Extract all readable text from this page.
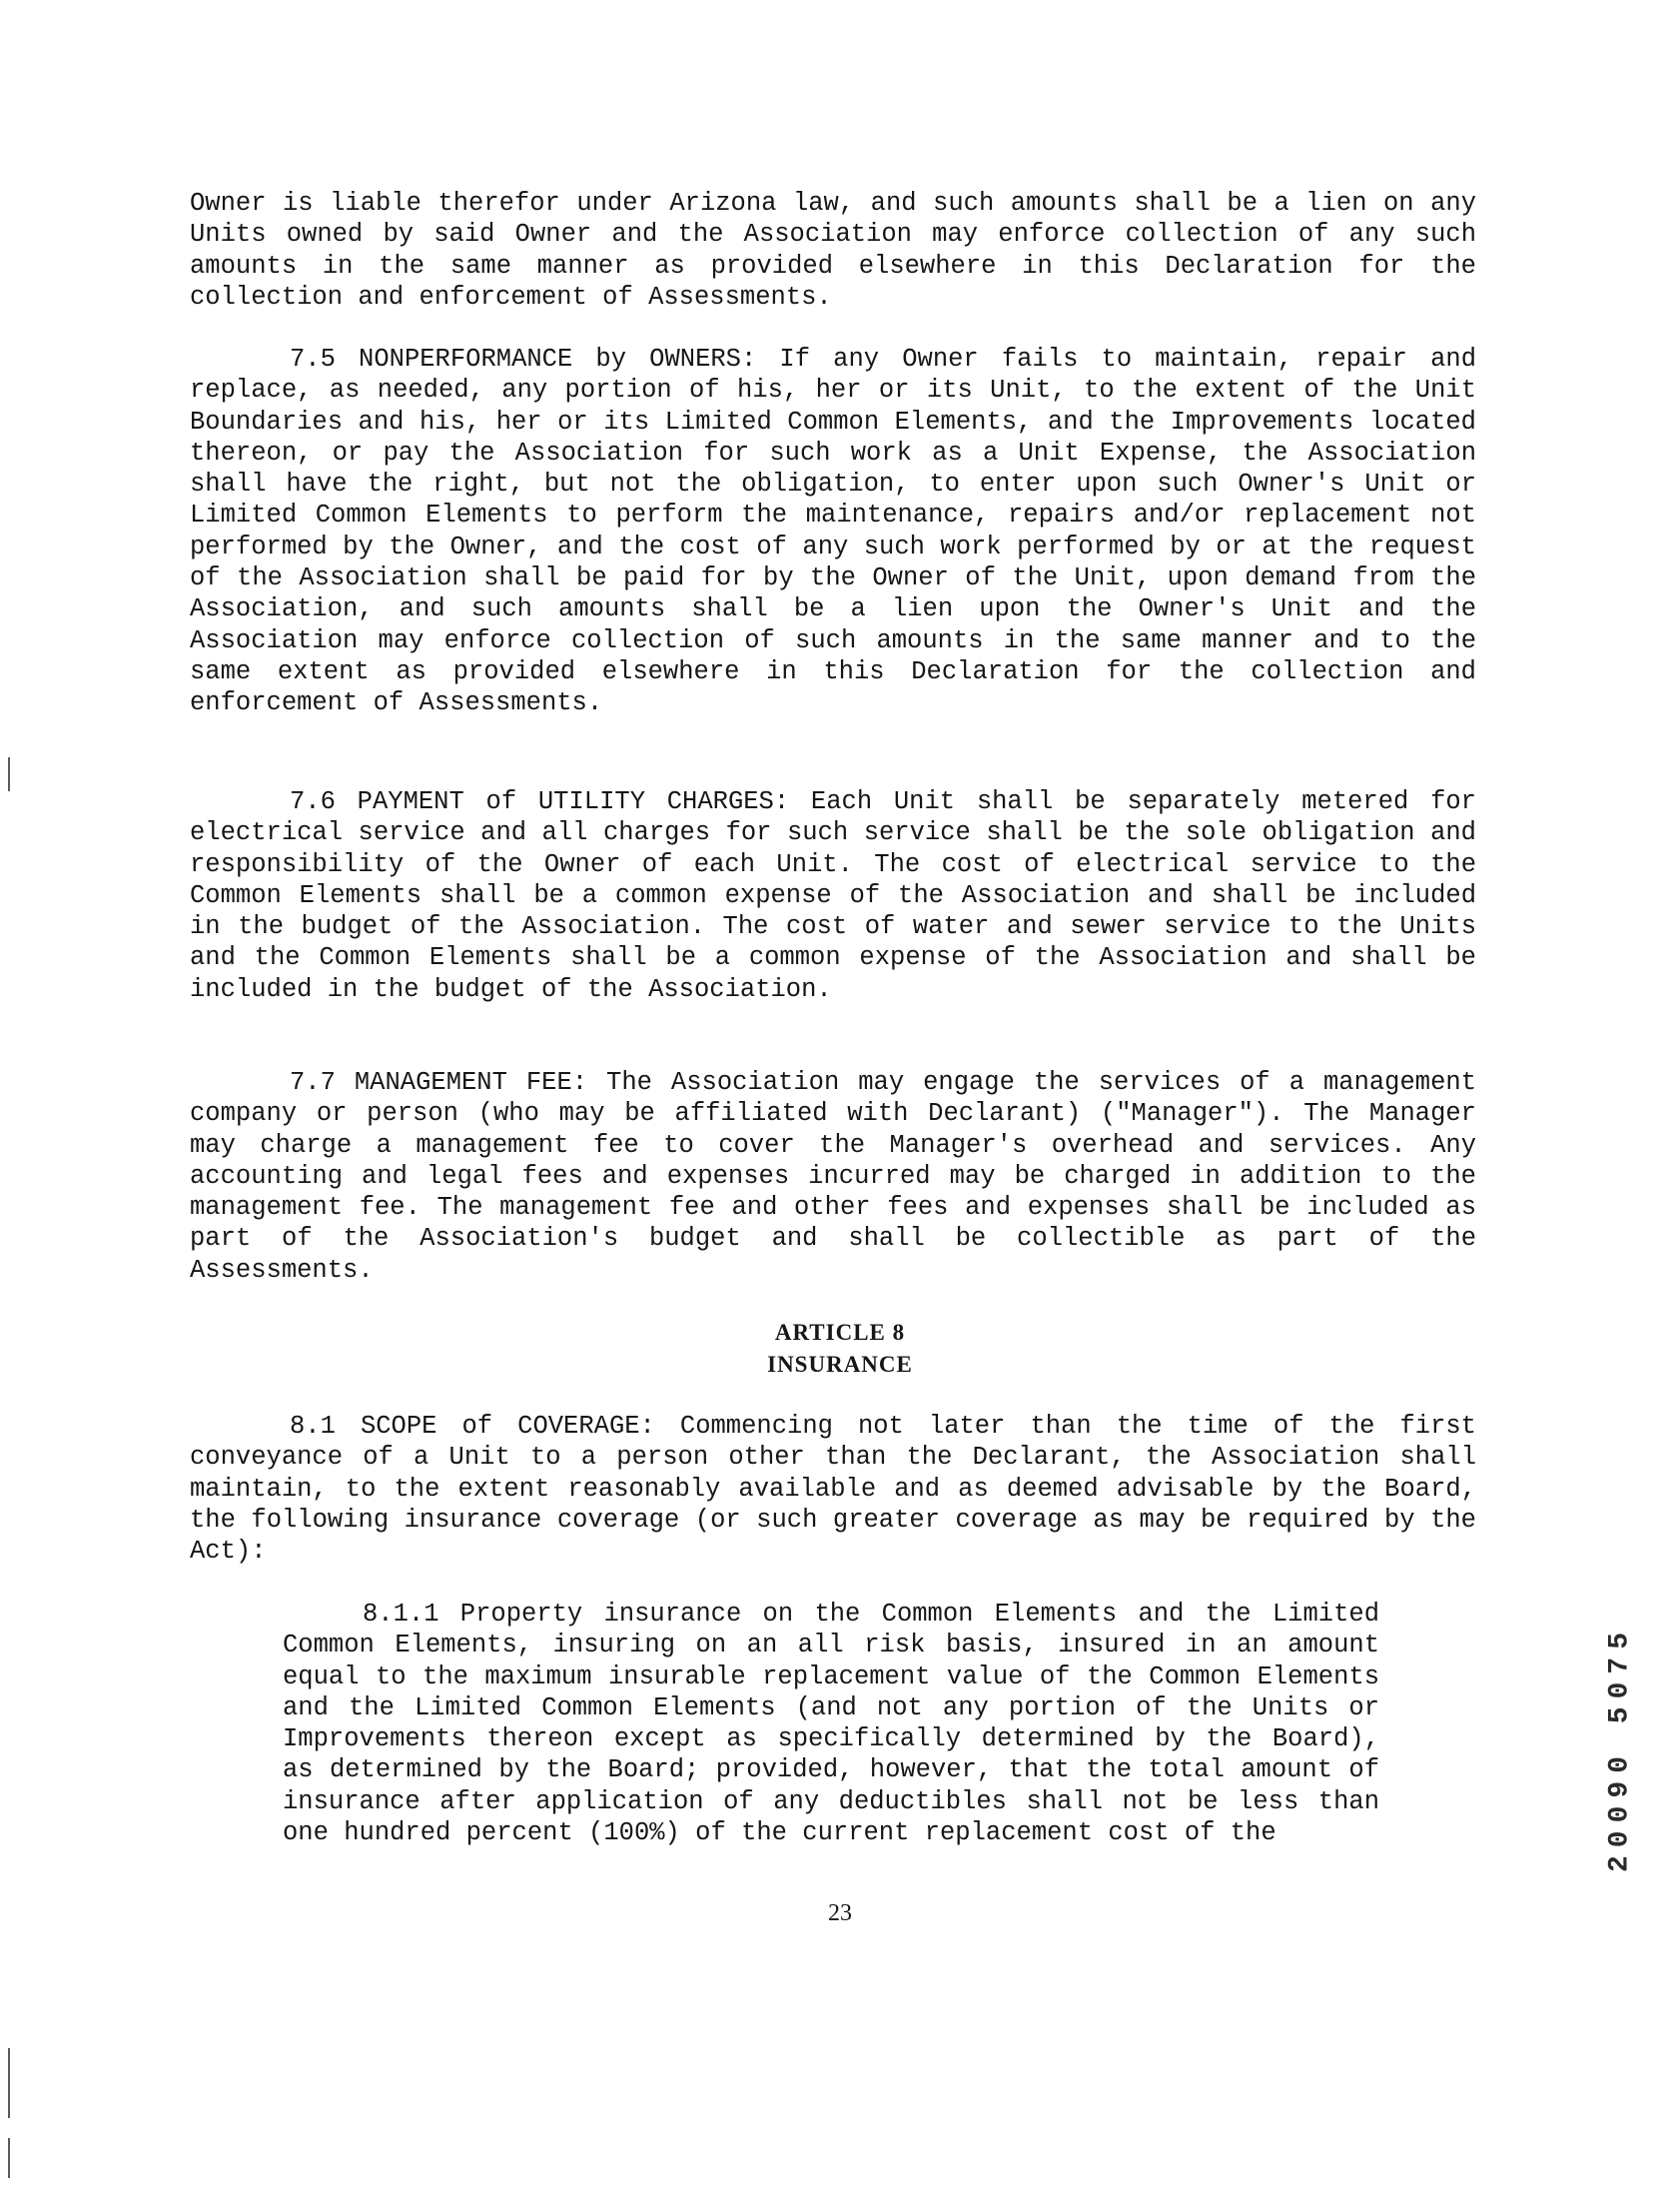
Owner is liable therefor under Arizona law, and such amounts shall be a lien on any Units owned by said Owner and the Association may enforce collection of any such amounts in the same manner as provided elsewhere in this Declaration for the collection and enforcement of Assessments.

7.5 NONPERFORMANCE by OWNERS: If any Owner fails to maintain, repair and replace, as needed, any portion of his, her or its Unit, to the extent of the Unit Boundaries and his, her or its Limited Common Elements, and the Improvements located thereon, or pay the Association for such work as a Unit Expense, the Association shall have the right, but not the obligation, to enter upon such Owner's Unit or Limited Common Elements to perform the maintenance, repairs and/or replacement not performed by the Owner, and the cost of any such work performed by or at the request of the Association shall be paid for by the Owner of the Unit, upon demand from the Association, and such amounts shall be a lien upon the Owner's Unit and the Association may enforce collection of such amounts in the same manner and to the same extent as provided elsewhere in this Declaration for the collection and enforcement of Assessments.

7.6 PAYMENT of UTILITY CHARGES: Each Unit shall be separately metered for electrical service and all charges for such service shall be the sole obligation and responsibility of the Owner of each Unit. The cost of electrical service to the Common Elements shall be a common expense of the Association and shall be included in the budget of the Association. The cost of water and sewer service to the Units and the Common Elements shall be a common expense of the Association and shall be included in the budget of the Association.

7.7 MANAGEMENT FEE: The Association may engage the services of a management company or person (who may be affiliated with Declarant) ("Manager"). The Manager may charge a management fee to cover the Manager's overhead and services. Any accounting and legal fees and expenses incurred may be charged in addition to the management fee. The management fee and other fees and expenses shall be included as part of the Association's budget and shall be collectible as part of the Assessments.

ARTICLE 8
INSURANCE

8.1 SCOPE of COVERAGE: Commencing not later than the time of the first conveyance of a Unit to a person other than the Declarant, the Association shall maintain, to the extent reasonably available and as deemed advisable by the Board, the following insurance coverage (or such greater coverage as may be required by the Act):

8.1.1 Property insurance on the Common Elements and the Limited Common Elements, insuring on an all risk basis, insured in an amount equal to the maximum insurable replacement value of the Common Elements and the Limited Common Elements (and not any portion of the Units or Improvements thereon except as specifically determined by the Board), as determined by the Board; provided, however, that the total amount of insurance after application of any deductibles shall not be less than one hundred percent (100%) of the current replacement cost of the

23
20090 5075
